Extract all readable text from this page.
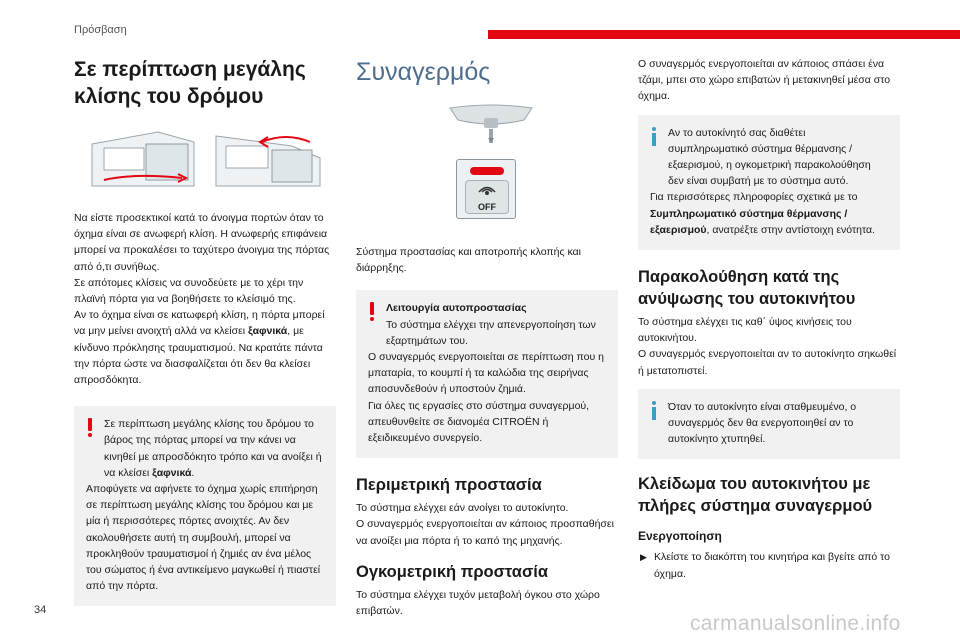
Πρόσβαση
Σε περίπτωση μεγάλης κλίσης του δρόμου

Να είστε προσεκτικοί κατά το άνοιγμα πορτών όταν το όχημα είναι σε ανωφερή κλίση. Η ανωφερής επιφάνεια μπορεί να προκαλέσει το ταχύτερο άνοιγμα της πόρτας από ό,τι συνήθως.

Σε απότομες κλίσεις να συνοδεύετε με το χέρι την πλαϊνή πόρτα για να βοηθήσετε το κλείσιμό της.

Αν το όχημα είναι σε κατωφερή κλίση, η πόρτα μπορεί να μην μείνει ανοιχτή αλλά να κλείσει ξαφνικά, με κίνδυνο πρόκλησης τραυματισμού. Να κρατάτε πάντα την πόρτα ώστε να διασφαλίζεται ότι δεν θα κλείσει απροσδόκητα.

Σε περίπτωση μεγάλης κλίσης του δρόμου το βάρος της πόρτας μπορεί να την κάνει να κινηθεί με απροσδόκητο τρόπο και να ανοίξει ή να κλείσει ξαφνικά.

Αποφύγετε να αφήνετε το όχημα χωρίς επιτήρηση σε περίπτωση μεγάλης κλίσης του δρόμου και με μία ή περισσότερες πόρτες ανοιχτές. Αν δεν ακολουθήσετε αυτή τη συμβουλή, μπορεί να προκληθούν τραυματισμοί ή ζημιές αν ένα μέλος του σώματος ή ένα αντικείμενο μαγκωθεί ή πιαστεί από την πόρτα.

Συναγερμός
OFF

Σύστημα προστασίας και αποτροπής κλοπής και διάρρηξης.

Λειτουργία αυτοπροστασίας

Το σύστημα ελέγχει την απενεργοποίηση των εξαρτημάτων του.

Ο συναγερμός ενεργοποιείται σε περίπτωση που η μπαταρία, το κουμπί ή τα καλώδια της σειρήνας αποσυνδεθούν ή υποστούν ζημιά.

Για όλες τις εργασίες στο σύστημα συναγερμού, απευθυνθείτε σε διανομέα CITROËN ή εξειδικευμένο συνεργείο.

Περιμετρική προστασία

Το σύστημα ελέγχει εάν ανοίγει το αυτοκίνητο.

Ο συναγερμός ενεργοποιείται αν κάποιος προσπαθήσει να ανοίξει μια πόρτα ή το καπό της μηχανής.

Ογκομετρική προστασία

Το σύστημα ελέγχει τυχόν μεταβολή όγκου στο χώρο επιβατών.

Ο συναγερμός ενεργοποιείται αν κάποιος σπάσει ένα τζάμι, μπει στο χώρο επιβατών ή μετακινηθεί μέσα στο όχημα.

Αν το αυτοκίνητό σας διαθέτει συμπληρωματικό σύστημα θέρμανσης / εξαερισμού, η ογκομετρική παρακολούθηση δεν είναι συμβατή με το σύστημα αυτό.

Για περισσότερες πληροφορίες σχετικά με το Συμπληρωματικό σύστημα θέρμανσης / εξαερισμού, ανατρέξτε στην αντίστοιχη ενότητα.

Παρακολούθηση κατά της ανύψωσης του αυτοκινήτου

Το σύστημα ελέγχει τις καθ΄ ύψος κινήσεις του αυτοκινήτου.

Ο συναγερμός ενεργοποιείται αν το αυτοκίνητο σηκωθεί ή μετατοπιστεί.

Όταν το αυτοκίνητο είναι σταθμευμένο, ο συναγερμός δεν θα ενεργοποιηθεί αν το αυτοκίνητο χτυπηθεί.

Κλείδωμα του αυτοκινήτου με πλήρες σύστημα συναγερμού
Ενεργοποίηση

▶ Κλείστε το διακόπτη του κινητήρα και βγείτε από το όχημα.

34
carmanualsonline.info
